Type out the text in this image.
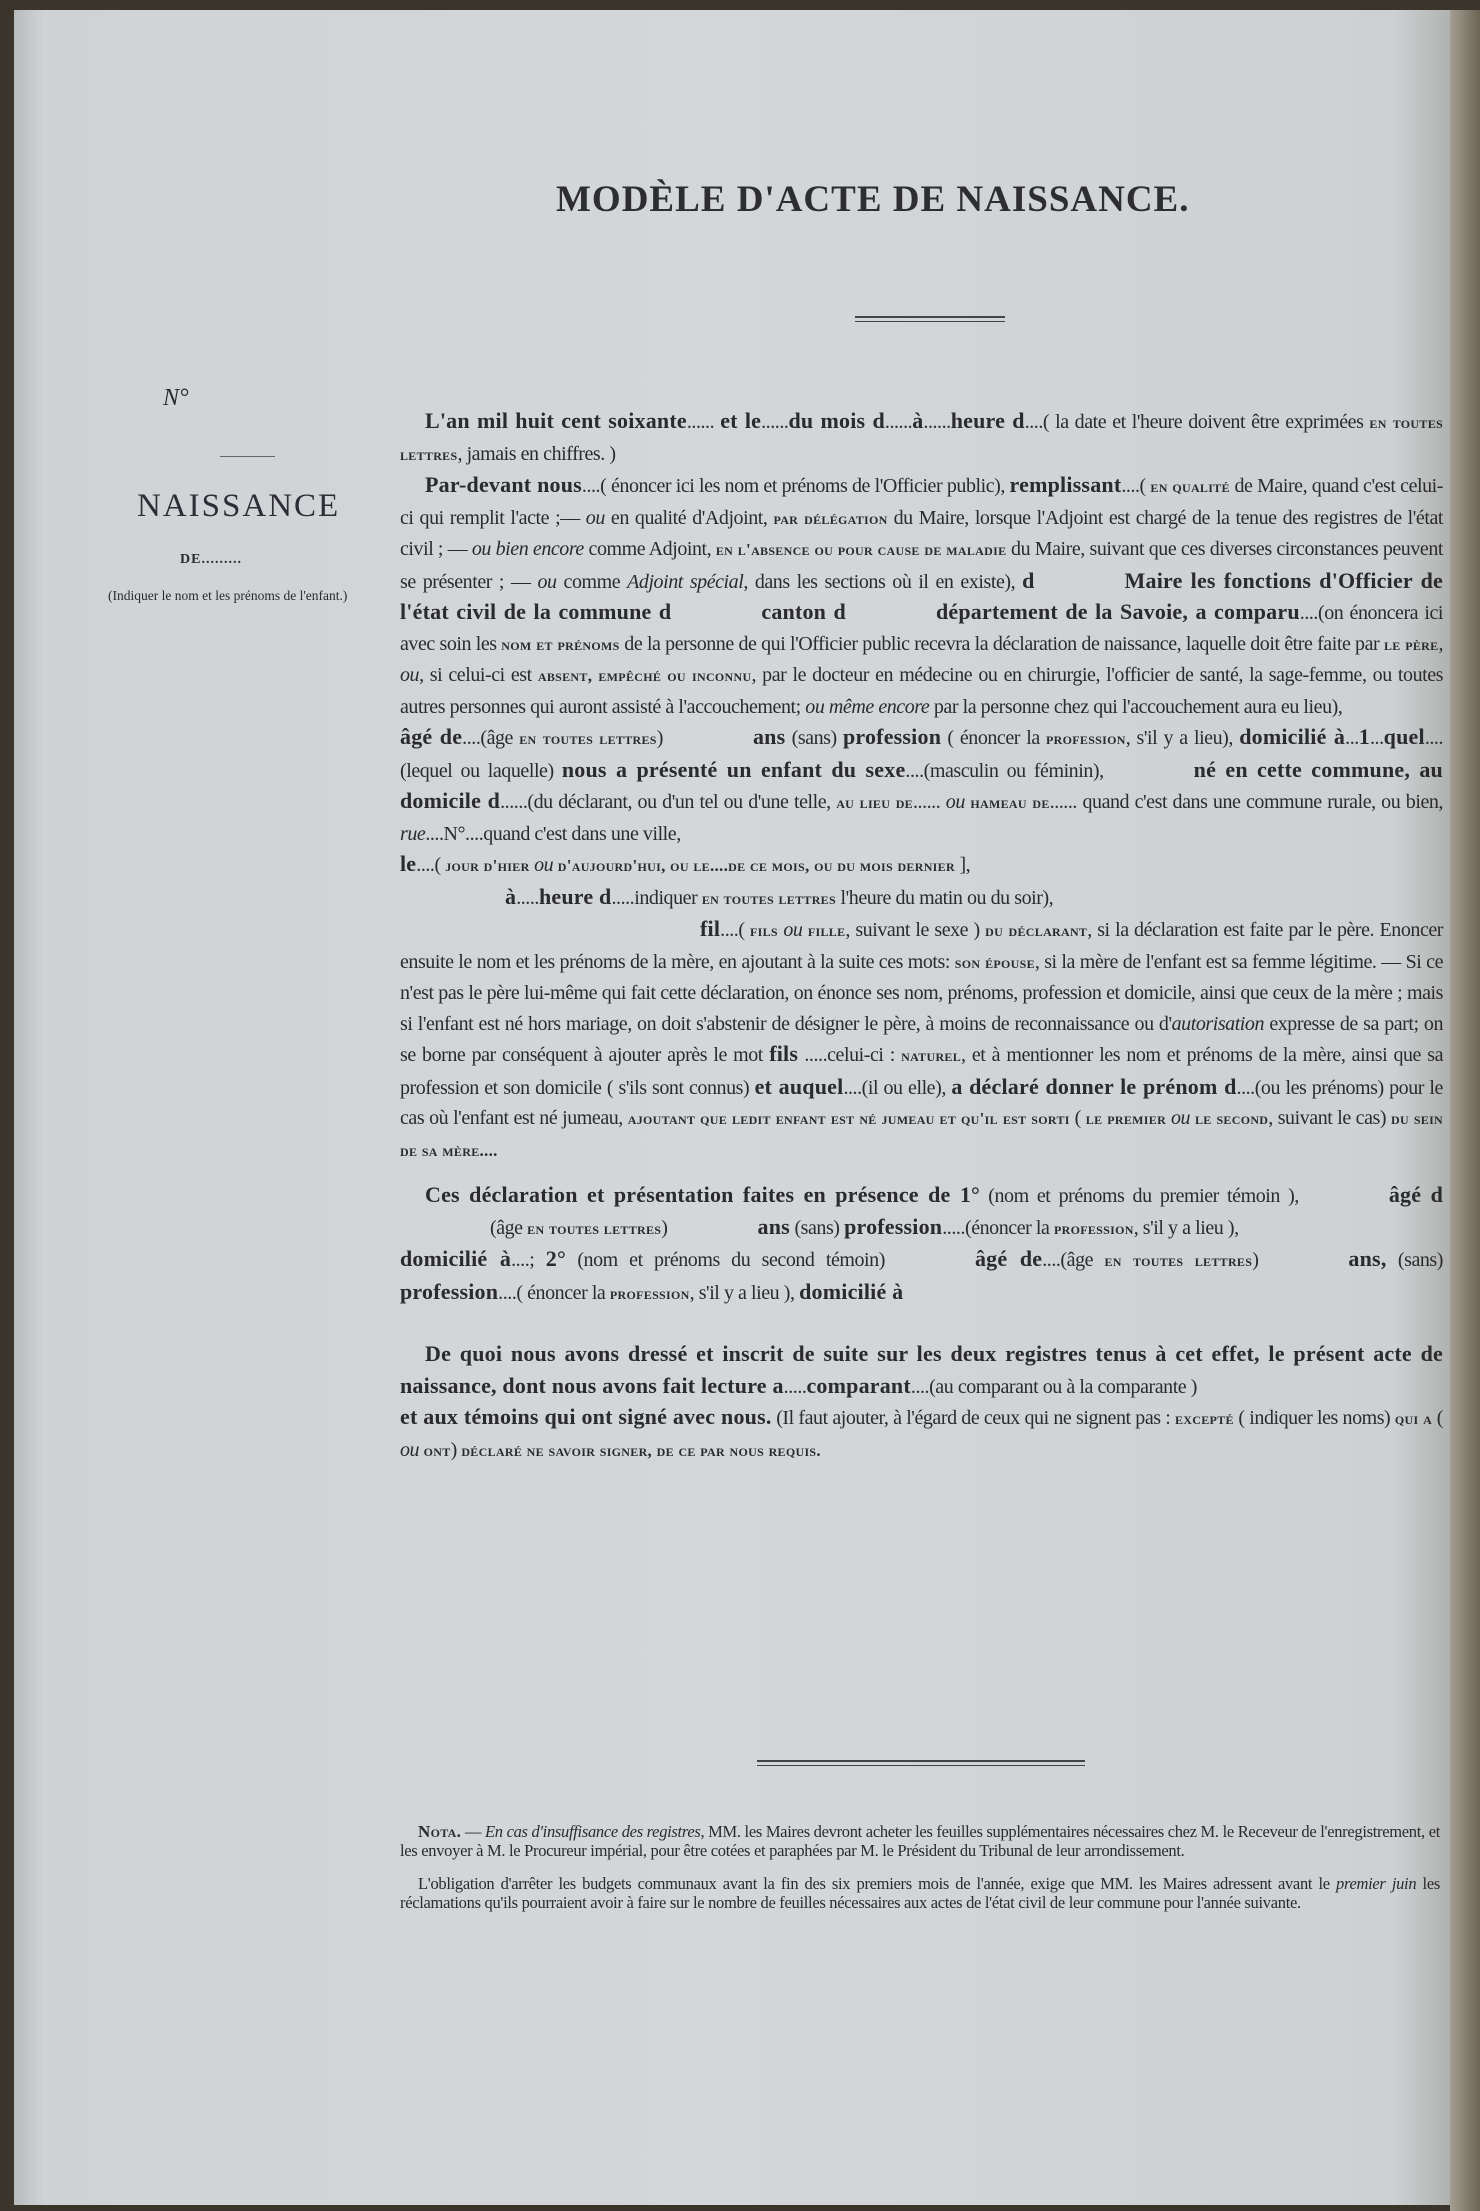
MODÈLE D'ACTE DE NAISSANCE.
N°
NAISSANCE
DE.........
(Indiquer le nom et les prénoms de l'enfant.)

L'an mil huit cent soixante...... et le......du mois d......à......heure d....( la date et l'heure doivent être exprimées en toutes lettres, jamais en chiffres. )

Par-devant nous....( énoncer ici les nom et prénoms de l'Officier public), remplissant....( en qualité de Maire, quand c'est celui-ci qui remplit l'acte ;— ou en qualité d'Adjoint, par délégation du Maire, lorsque l'Adjoint est chargé de la tenue des registres de l'état civil ; — ou bien encore comme Adjoint, en l'absence ou pour cause de maladie du Maire, suivant que ces diverses circonstances peuvent se présenter ; — ou comme Adjoint spécial, dans les sections où il en existe), d	Maire les fonctions d'Officier de l'état civil de la commune d	canton d	département de la Savoie, a comparu....(on énoncera ici avec soin les nom et prénoms de la personne de qui l'Officier public recevra la déclaration de naissance, laquelle doit être faite par le père, ou, si celui-ci est absent, empêché ou inconnu, par le docteur en médecine ou en chirurgie, l'officier de santé, la sage-femme, ou toutes autres personnes qui auront assisté à l'accouchement; ou même encore par la personne chez qui l'accouchement aura eu lieu),

âgé de....(âge en toutes lettres)	ans (sans) profession ( énoncer la profession, s'il y a lieu), domicilié à...1...quel....(lequel ou laquelle) nous a présenté un enfant du sexe....(masculin ou féminin),	né en cette commune, au domicile d......(du déclarant, ou d'un tel ou d'une telle, au lieu de...... ou hameau de...... quand c'est dans une commune rurale, ou bien, rue....N°....quand c'est dans une ville,

le....( jour d'hier ou d'aujourd'hui, ou le....de ce mois, ou du mois dernier ],

à.....heure d.....indiquer en toutes lettres l'heure du matin ou du soir),

fil....( fils ou fille, suivant le sexe ) du déclarant, si la déclaration est faite par le père. Enoncer ensuite le nom et les prénoms de la mère, en ajoutant à la suite ces mots: son épouse, si la mère de l'enfant est sa femme légitime. — Si ce n'est pas le père lui-même qui fait cette déclaration, on énonce ses nom, prénoms, profession et domicile, ainsi que ceux de la mère ; mais si l'enfant est né hors mariage, on doit s'abstenir de désigner le père, à moins de reconnaissance ou d'autorisation expresse de sa part; on se borne par conséquent à ajouter après le mot fils .....celui-ci : naturel, et à mentionner les nom et prénoms de la mère, ainsi que sa profession et son domicile ( s'ils sont connus) et auquel....(il ou elle), a déclaré donner le prénom d....(ou les prénoms) pour le cas où l'enfant est né jumeau, ajoutant que ledit enfant est né jumeau et qu'il est sorti ( le premier ou le second, suivant le cas) du sein de sa mère....

Ces déclaration et présentation faites en présence de 1° (nom et prénoms du premier témoin ),	âgé d(âge en toutes lettres)	ans (sans) profession.....(énoncer la profession, s'il y a lieu ),

domicilié à....; 2° (nom et prénoms du second témoin)	âgé de....(âge en toutes lettres)	ans, (sans) profession....( énoncer la profession, s'il y a lieu ), domicilié à

De quoi nous avons dressé et inscrit de suite sur les deux registres tenus à cet effet, le présent acte de naissance, dont nous avons fait lecture a.....comparant....(au comparant ou à la comparante )

et aux témoins qui ont signé avec nous. (Il faut ajouter, à l'égard de ceux qui ne signent pas : excepté ( indiquer les noms) qui a ( ou ont) déclaré ne savoir signer, de ce par nous requis.

Nota. — En cas d'insuffisance des registres, MM. les Maires devront acheter les feuilles supplémentaires nécessaires chez M. le Receveur de l'enregistrement, et les envoyer à M. le Procureur impérial, pour être cotées et paraphées par M. le Président du Tribunal de leur arrondissement.

L'obligation d'arrêter les budgets communaux avant la fin des six premiers mois de l'année, exige que MM. les Maires adressent avant le premier juin les réclamations qu'ils pourraient avoir à faire sur le nombre de feuilles nécessaires aux actes de l'état civil de leur commune pour l'année suivante.
